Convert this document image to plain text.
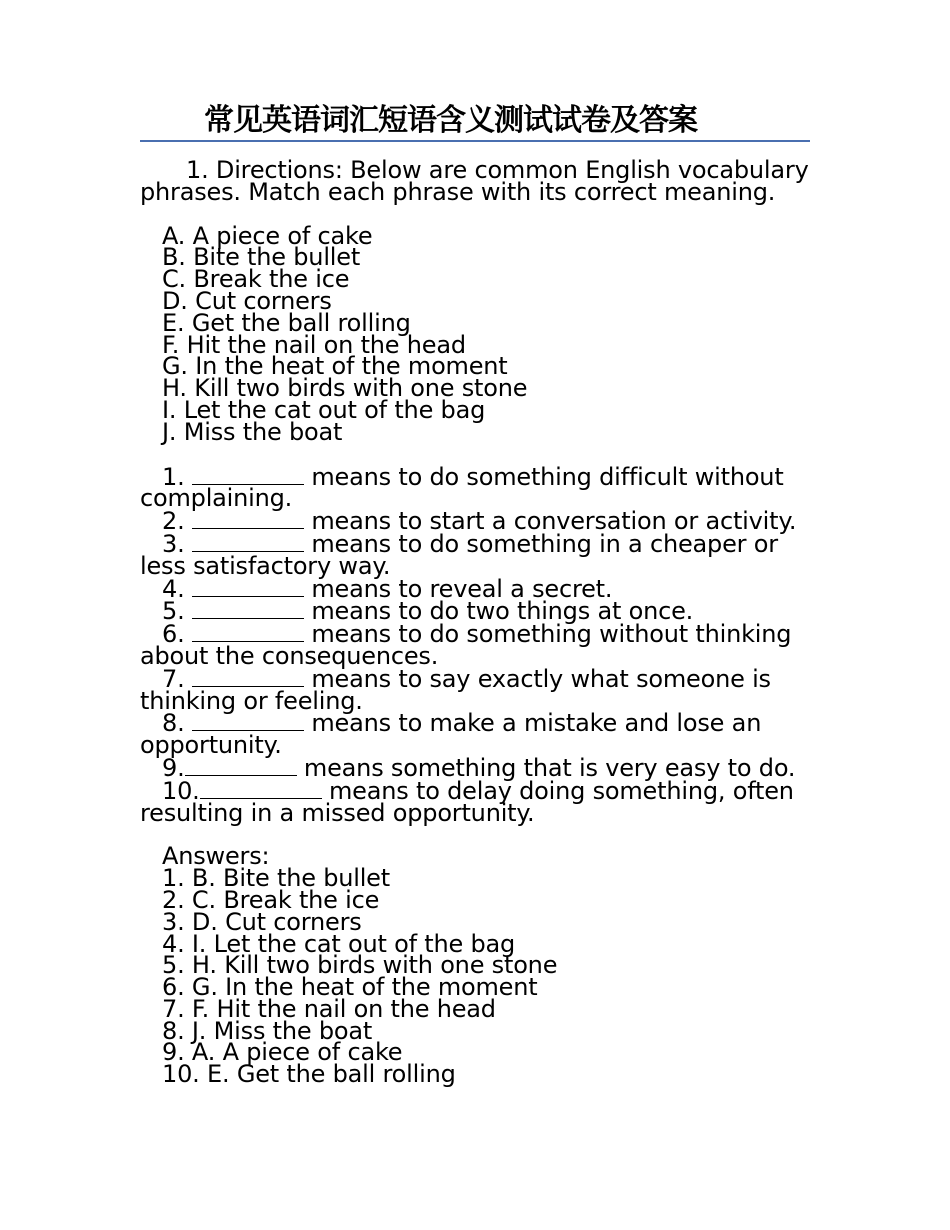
常见英语词汇短语含义测试试卷及答案

1. Directions: Below are common English vocabulary phrases. Match each phrase with its correct meaning.

A. A piece of cake
B. Bite the bullet
C. Break the ice
D. Cut corners
E. Get the ball rolling
F. Hit the nail on the head
G. In the heat of the moment
H. Kill two birds with one stone
I. Let the cat out of the bag
J. Miss the boat
1.	means to do something difficult without complaining.
2.	means to start a conversation or activity.
3.	means to do something in a cheaper or less satisfactory way.
4.	means to reveal a secret.
5.	means to do two things at once.
6.	means to do something without thinking about the consequences.
7.	means to say exactly what someone is thinking or feeling.
8.	means to make a mistake and lose an opportunity.
9.	means something that is very easy to do.
10.	means to delay doing something, often resulting in a missed opportunity.
Answers:
1. B. Bite the bullet
2. C. Break the ice
3. D. Cut corners
4. I. Let the cat out of the bag
5. H. Kill two birds with one stone
6. G. In the heat of the moment
7. F. Hit the nail on the head
8. J. Miss the boat
9. A. A piece of cake
10. E. Get the ball rolling
